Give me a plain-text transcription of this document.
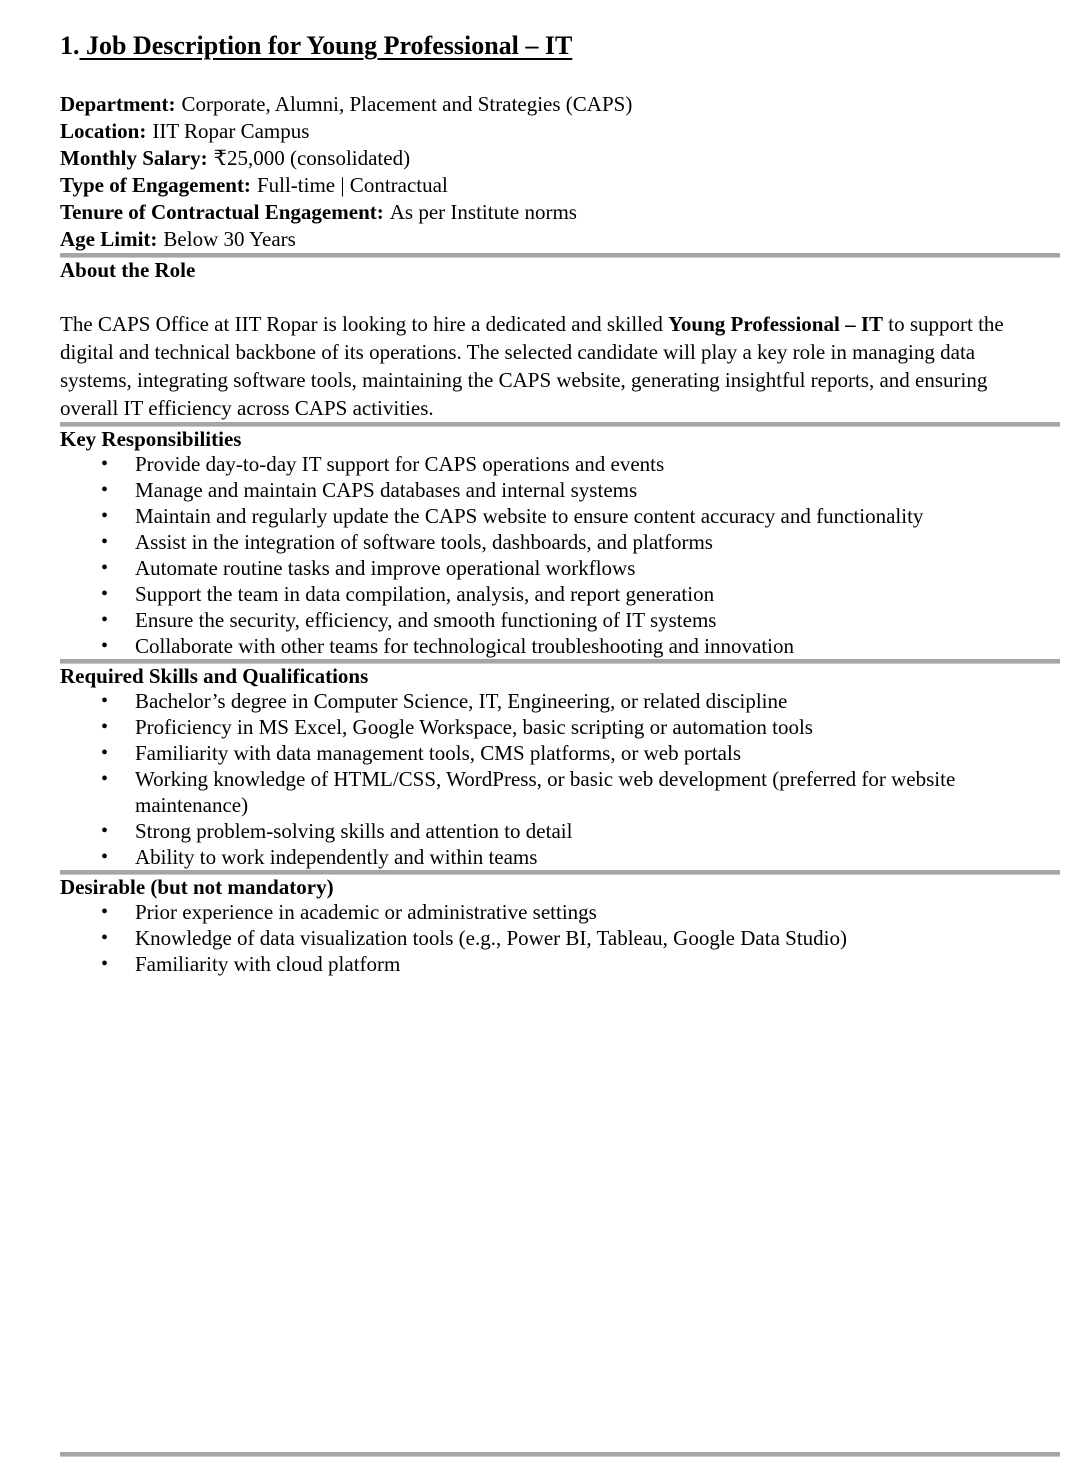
1. Job Description for Young Professional – IT
Department: Corporate, Alumni, Placement and Strategies (CAPS)
Location: IIT Ropar Campus
Monthly Salary: ₹25,000 (consolidated)
Type of Engagement: Full-time | Contractual
Tenure of Contractual Engagement: As per Institute norms
Age Limit: Below 30 Years
About the Role

The CAPS Office at IIT Ropar is looking to hire a dedicated and skilled Young Professional – IT to support the digital and technical backbone of its operations. The selected candidate will play a key role in managing data systems, integrating software tools, maintaining the CAPS website, generating insightful reports, and ensuring overall IT efficiency across CAPS activities.

Key Responsibilities
• Provide day-to-day IT support for CAPS operations and events
• Manage and maintain CAPS databases and internal systems
• Maintain and regularly update the CAPS website to ensure content accuracy and functionality
• Assist in the integration of software tools, dashboards, and platforms
• Automate routine tasks and improve operational workflows
• Support the team in data compilation, analysis, and report generation
• Ensure the security, efficiency, and smooth functioning of IT systems
• Collaborate with other teams for technological troubleshooting and innovation
Required Skills and Qualifications
• Bachelor’s degree in Computer Science, IT, Engineering, or related discipline
• Proficiency in MS Excel, Google Workspace, basic scripting or automation tools
• Familiarity with data management tools, CMS platforms, or web portals
• Working knowledge of HTML/CSS, WordPress, or basic web development (preferred for website maintenance)
• Strong problem-solving skills and attention to detail
• Ability to work independently and within teams
Desirable (but not mandatory)
• Prior experience in academic or administrative settings
• Knowledge of data visualization tools (e.g., Power BI, Tableau, Google Data Studio)
• Familiarity with cloud platform
